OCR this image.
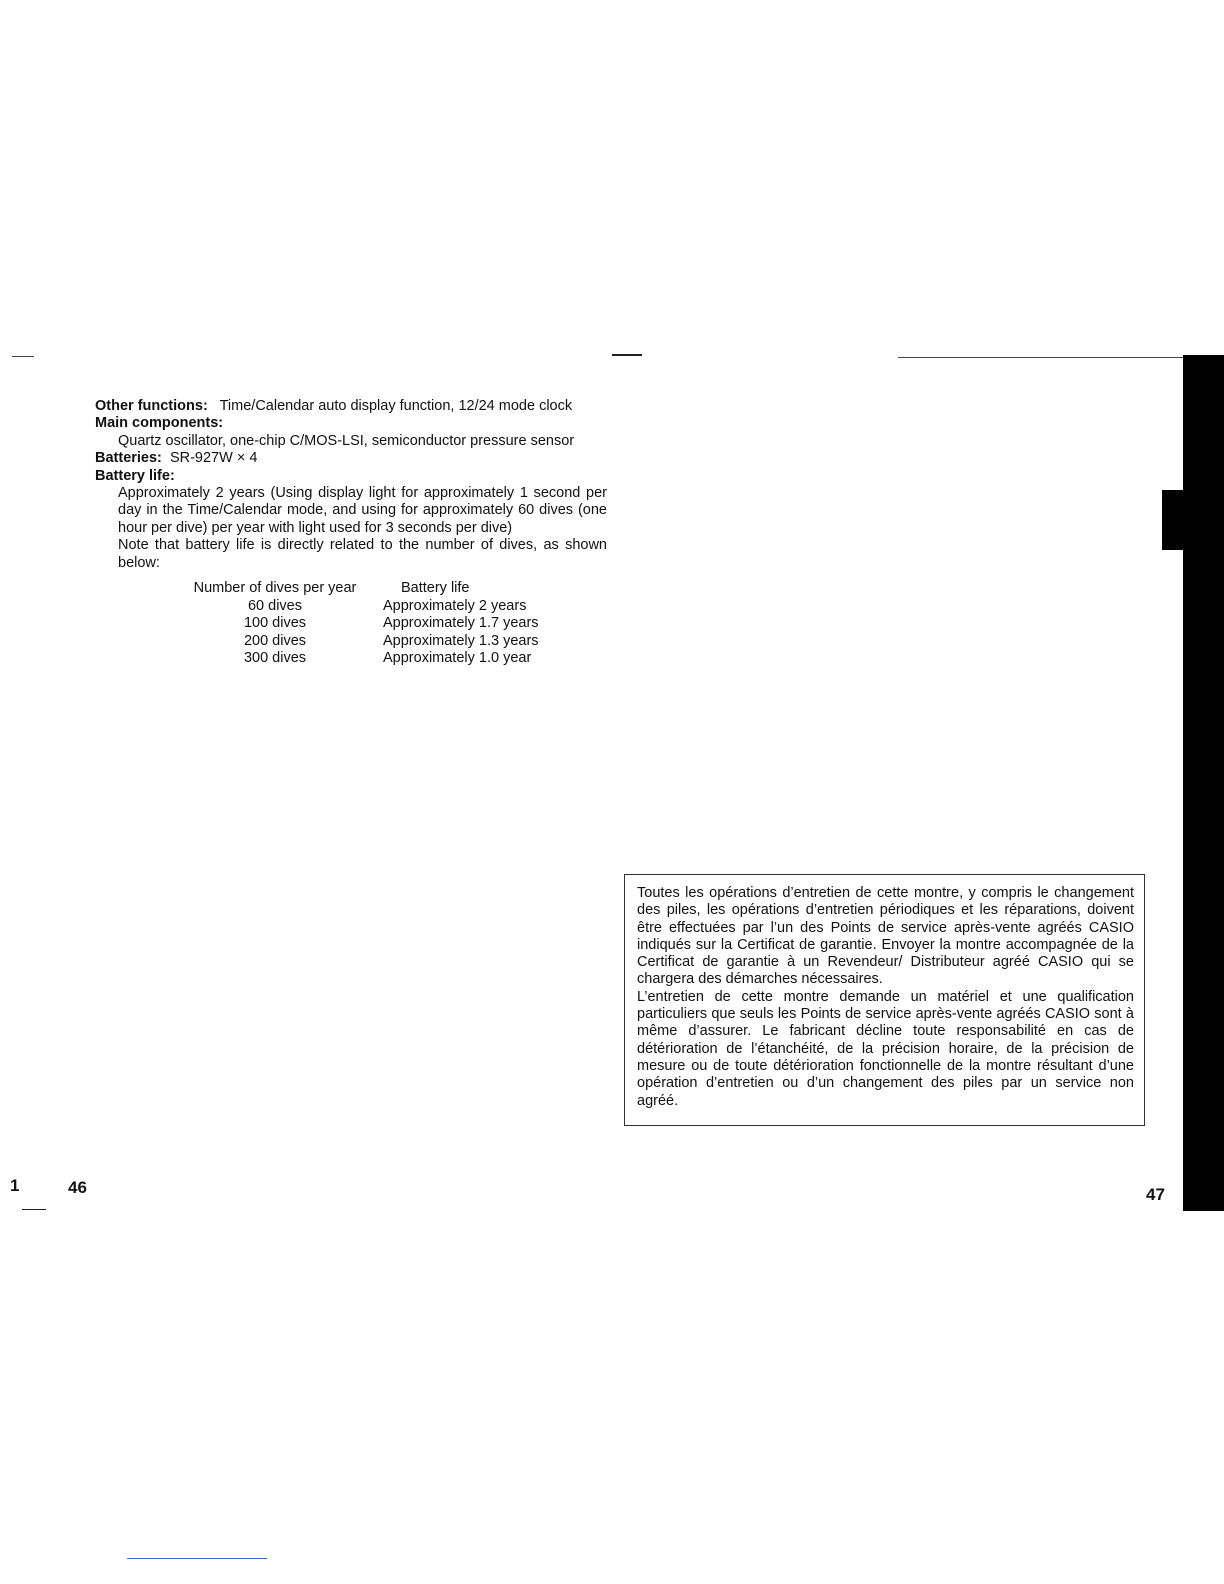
Other functions: Time/Calendar auto display function, 12/24 mode clock

Main components:

Quartz oscillator, one-chip C/MOS-LSI, semiconductor pressure sensor

Batteries: SR-927W × 4

Battery life:

Approximately 2 years (Using display light for approximately 1 second per day in the Time/Calendar mode, and using for approximately 60 dives (one hour per dive) per year with light used for 3 seconds per dive)

Note that battery life is directly related to the number of dives, as shown below:

Number of dives per year	Battery life
60 dives	Approximately 2 years
100 dives	Approximately 1.7 years
200 dives	Approximately 1.3 years
300 dives	Approximately 1.0 year

Toutes les opérations d’entretien de cette montre, y compris le changement des piles, les opérations d’entretien périodiques et les réparations, doivent être effectuées par l’un des Points de service après-vente agréés CASIO indiqués sur la Certificat de garantie. Envoyer la montre accompagnée de la Certificat de garantie à un Revendeur/ Distributeur agréé CASIO qui se chargera des démarches nécessaires.

L’entretien de cette montre demande un matériel et une qualification particuliers que seuls les Points de service après-vente agréés CASIO sont à même d’assurer. Le fabricant décline toute responsabilité en cas de détérioration de l’étanchéité, de la précision horaire, de la précision de mesure ou de toute détérioration fonctionnelle de la montre résultant d’une opération d’entretien ou d’un changement des piles par un service non agréé.

1	46	47
